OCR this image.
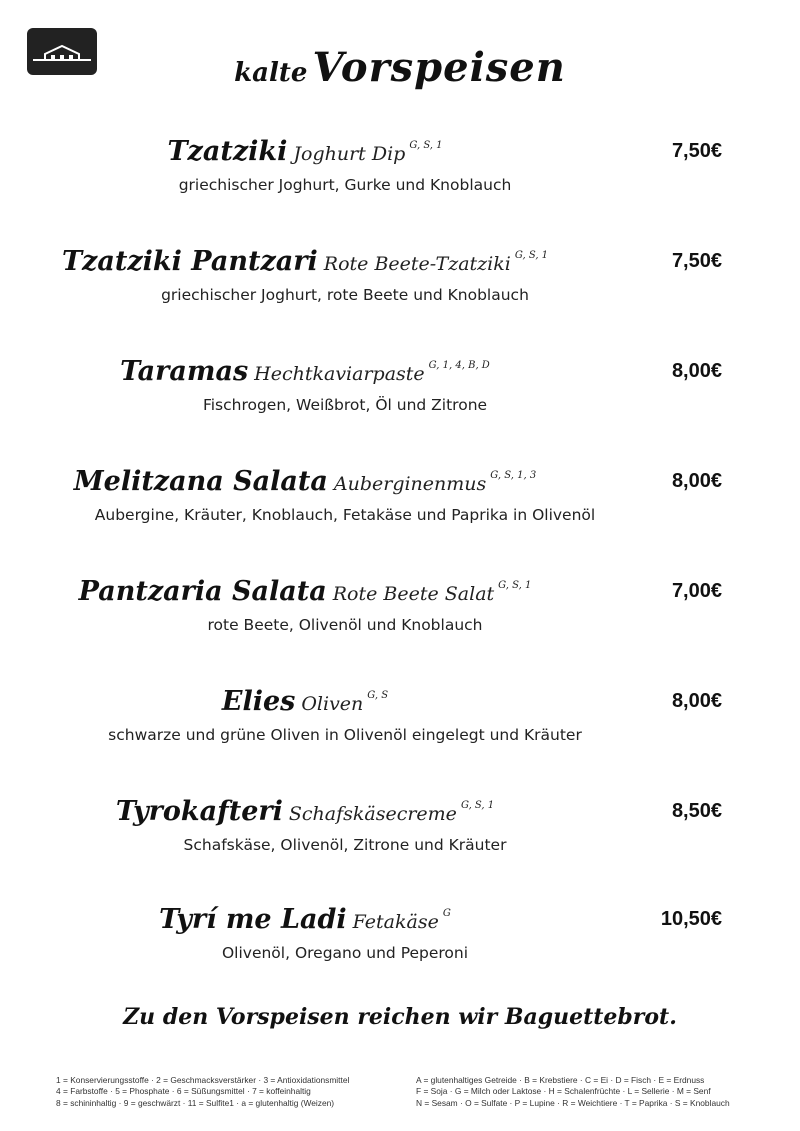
kalte Vorspeisen
Tzatziki Joghurt Dip $^{G, S, 1}$	7,50€
griechischer Joghurt, Gurke und Knoblauch
Tzatziki Pantzari Rote Beete-Tzatziki $^{G, S, 1}$	7,50€
griechischer Joghurt, rote Beete und Knoblauch
Taramas Hechtkaviarpaste $^{G, 1, 4, B, D}$	8,00€
Fischrogen, Weißbrot, Öl und Zitrone
Melitzana Salata Auberginenmus $^{G, S, 1, 3}$	8,00€
Aubergine, Kräuter, Knoblauch, Fetakäse und Paprika in Olivenöl
Pantzaria Salata Rote Beete Salat $^{G, S, 1}$	7,00€
rote Beete, Olivenöl und Knoblauch
Elies Oliven $^{G, S}$	8,00€
schwarze und grüne Oliven in Olivenöl eingelegt und Kräuter
Tyrokafteri Schafskäsecreme $^{G, S, 1}$	8,50€
Schafskäse, Olivenöl, Zitrone und Kräuter
Tyrí me Ladi Fetakäse $^G$	10,50€
Olivenöl, Oregano und Peperoni
Zu den Vorspeisen reichen wir Baguettebrot.
1 = Konservierungsstoffe · 2 = Geschmacksverstärker · 3 = Antioxidationsmittel
4 = Farbstoffe · 5 = Phosphate · 6 = Süßungsmittel · 7 = koffeinhaltig
8 = schininhaltig · 9 = geschwärzt · 11 = Sulfite1 · a = glutenhaltig (Weizen)
A = glutenhaltiges Getreide · B = Krebstiere · C = Ei · D = Fisch · E = Erdnuss
F = Soja · G = Milch oder Laktose · H = Schalenfrüchte · L = Sellerie · M = Senf
N = Sesam · O = Sulfate · P = Lupine · R = Weichtiere · T = Paprika · S = Knoblauch
